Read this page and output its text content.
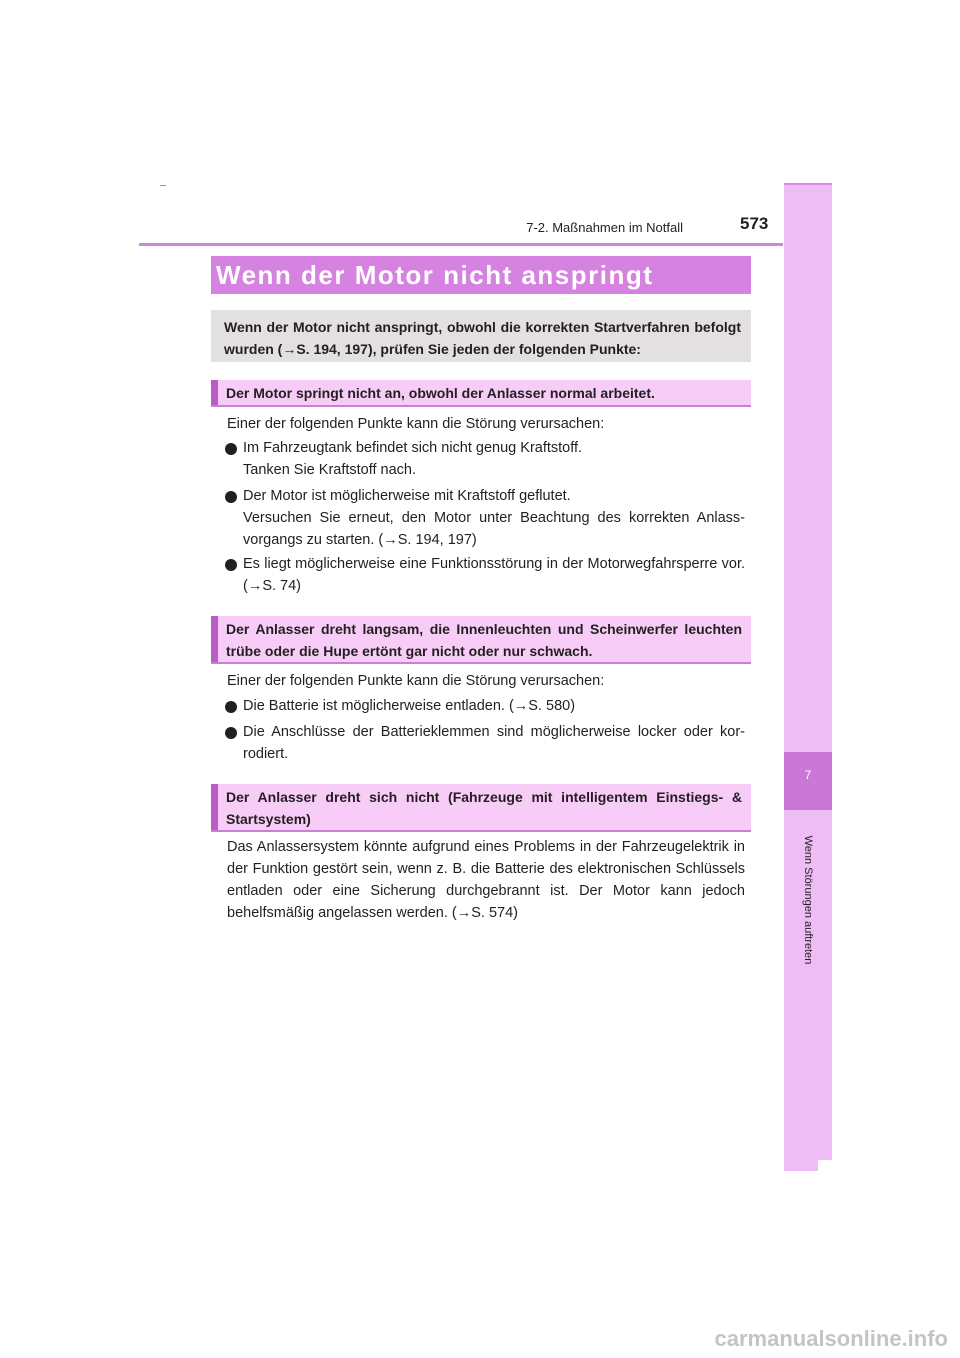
7-2. Maßnahmen im Notfall	573
7
Wenn Störungen auftreten
Wenn der Motor nicht anspringt
Wenn der Motor nicht anspringt, obwohl die korrekten Startverfahren befolgt wurden (→S. 194, 197), prüfen Sie jeden der folgenden Punkte:
Der Motor springt nicht an, obwohl der Anlasser normal arbeitet.
Einer der folgenden Punkte kann die Störung verursachen:
Im Fahrzeugtank befindet sich nicht genug Kraftstoff.
Tanken Sie Kraftstoff nach.
Der Motor ist möglicherweise mit Kraftstoff geflutet.
Versuchen Sie erneut, den Motor unter Beachtung des korrekten Anlass-vorgangs zu starten. (→S. 194, 197)
Es liegt möglicherweise eine Funktionsstörung in der Motorwegfahrsperre vor. (→S. 74)
Der Anlasser dreht langsam, die Innenleuchten und Scheinwerfer leuchten trübe oder die Hupe ertönt gar nicht oder nur schwach.
Einer der folgenden Punkte kann die Störung verursachen:
Die Batterie ist möglicherweise entladen. (→S. 580)
Die Anschlüsse der Batterieklemmen sind möglicherweise locker oder kor-rodiert.
Der Anlasser dreht sich nicht (Fahrzeuge mit intelligentem Einstiegs- & Startsystem)
Das Anlassersystem könnte aufgrund eines Problems in der Fahrzeugelektrik in der Funktion gestört sein, wenn z. B. die Batterie des elektronischen Schlüssels entladen oder eine Sicherung durchgebrannt ist. Der Motor kann jedoch behelfsmäßig angelassen werden. (→S. 574)
carmanualsonline.info
